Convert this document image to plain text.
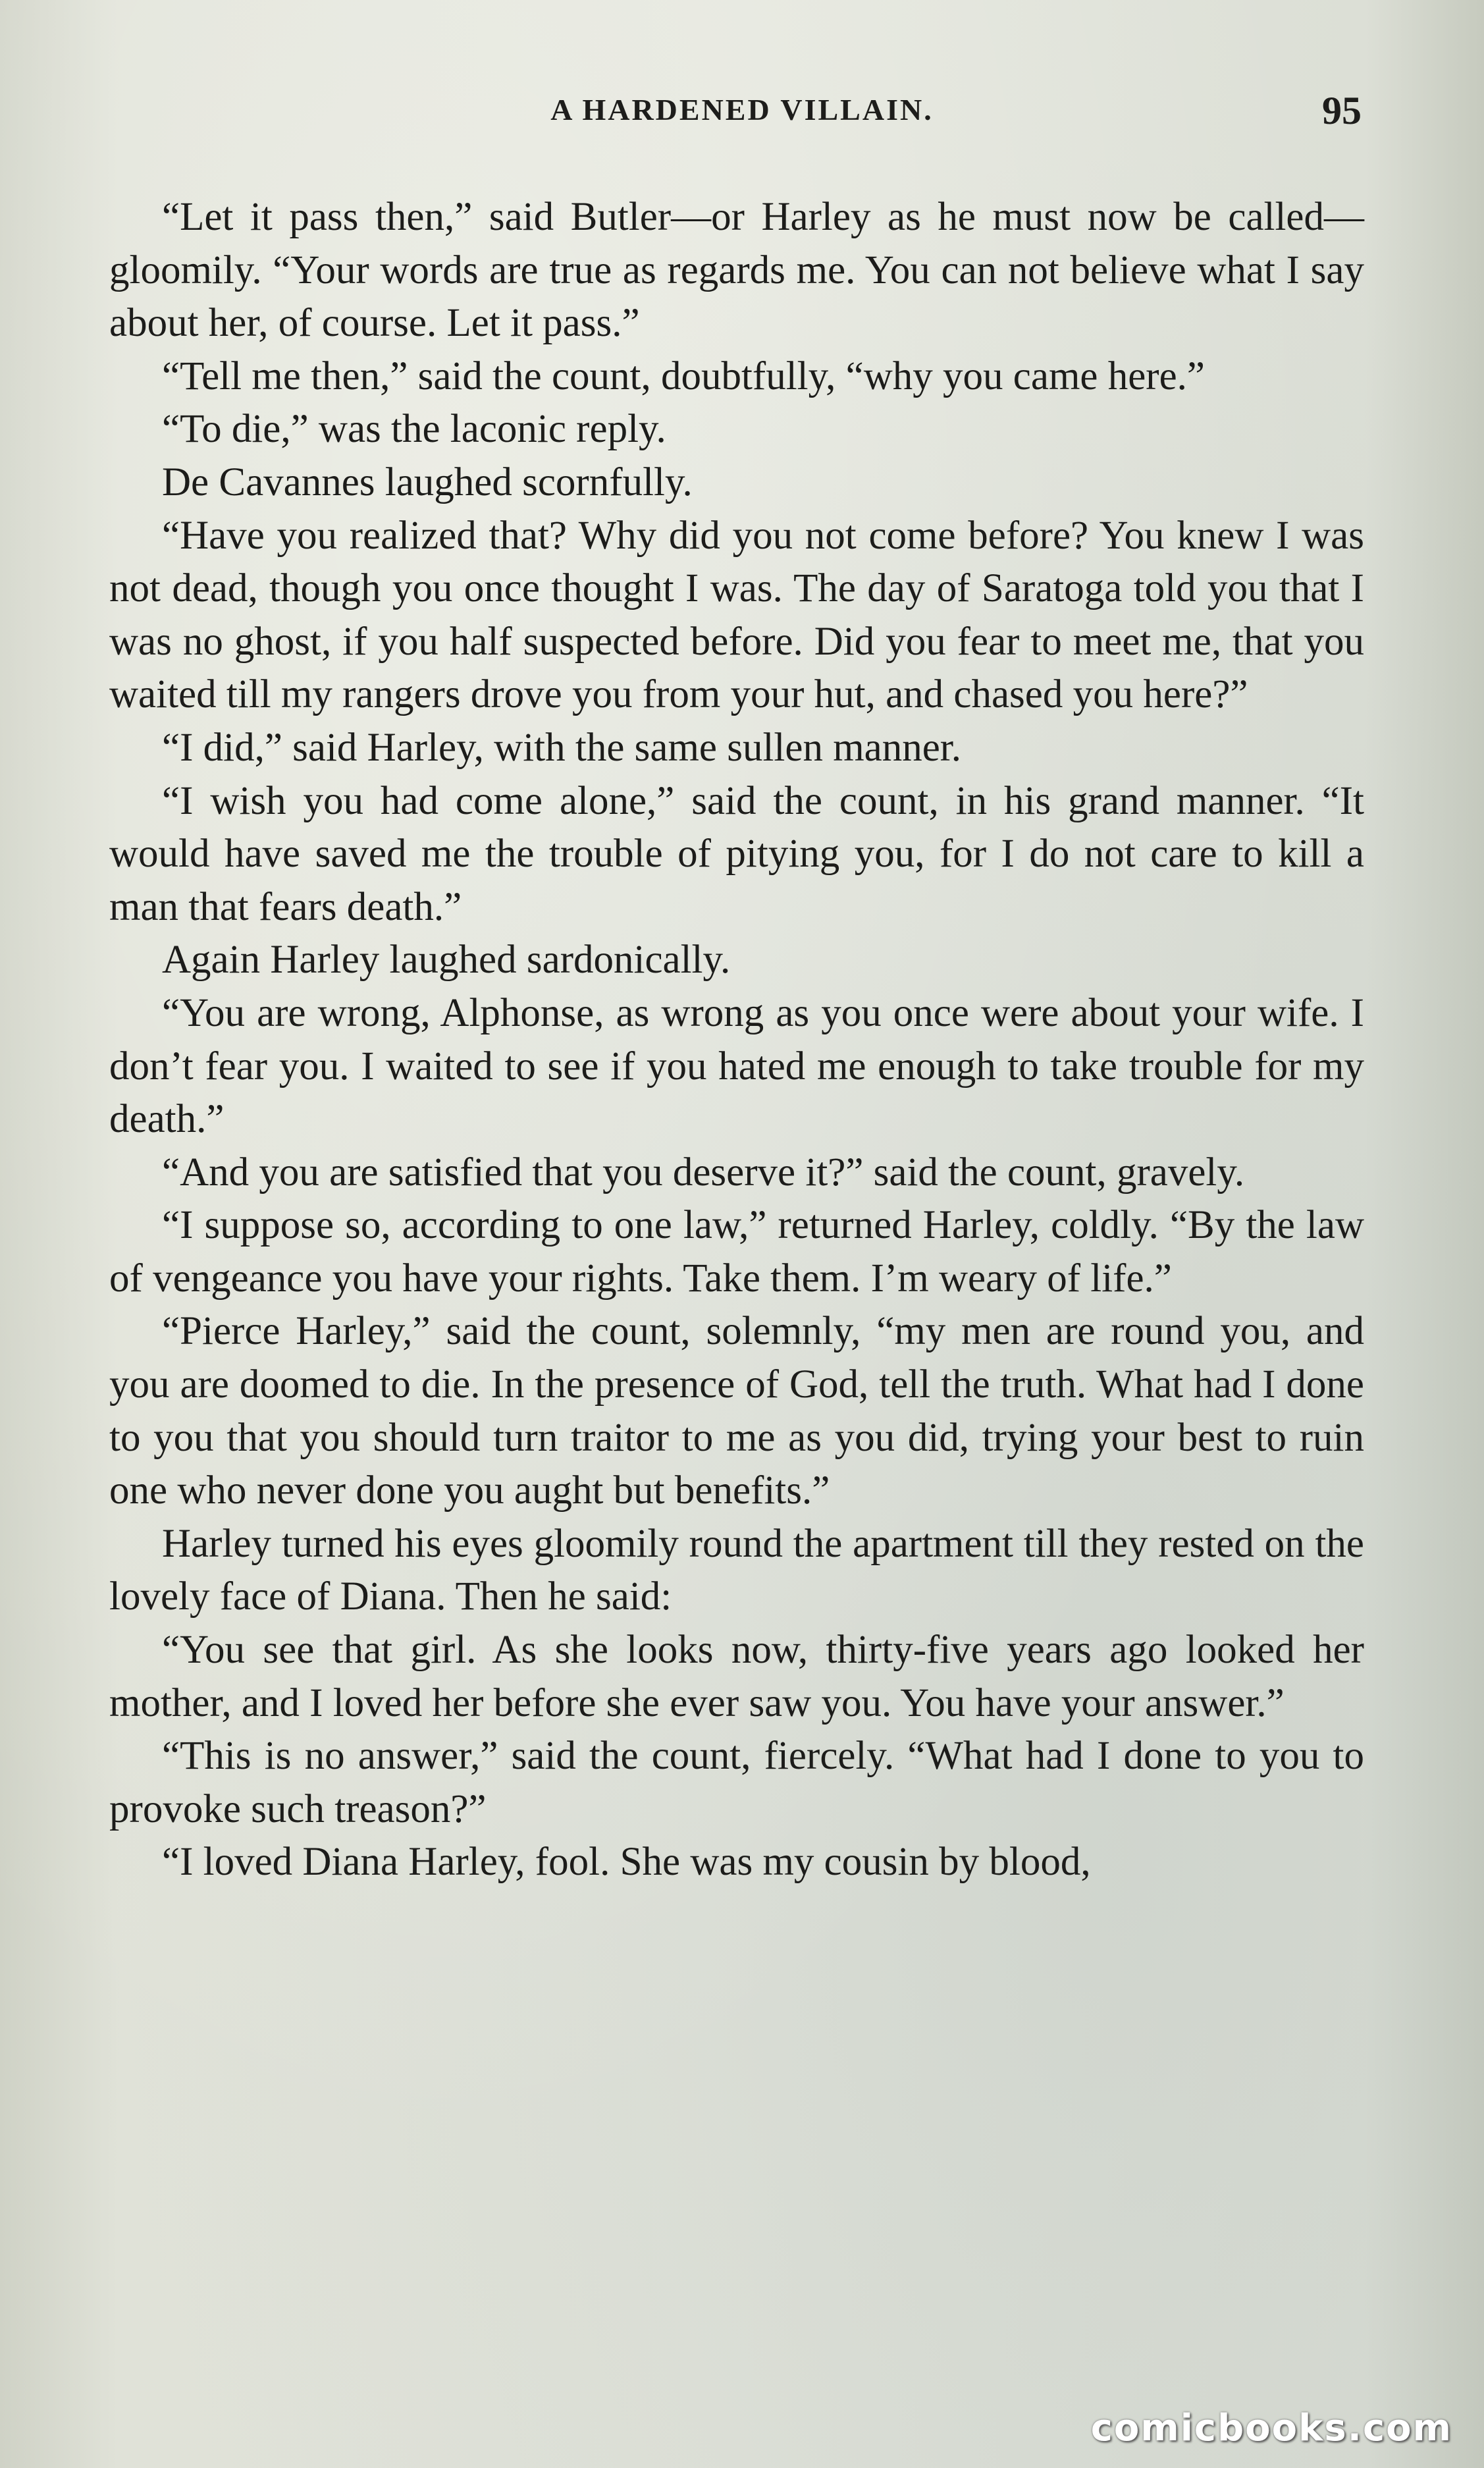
A HARDENED VILLAIN.	95

“Let it pass then,” said Butler—or Harley as he must now be called—gloomily. “Your words are true as regards me. You can not believe what I say about her, of course. Let it pass.”

“Tell me then,” said the count, doubtfully, “why you came here.”

“To die,” was the laconic reply.

De Cavannes laughed scornfully.

“Have you realized that? Why did you not come before? You knew I was not dead, though you once thought I was. The day of Saratoga told you that I was no ghost, if you half suspected before. Did you fear to meet me, that you waited till my rangers drove you from your hut, and chased you here?”

“I did,” said Harley, with the same sullen manner.

“I wish you had come alone,” said the count, in his grand manner. “It would have saved me the trouble of pitying you, for I do not care to kill a man that fears death.”

Again Harley laughed sardonically.

“You are wrong, Alphonse, as wrong as you once were about your wife. I don’t fear you. I waited to see if you hated me enough to take trouble for my death.”

“And you are satisfied that you deserve it?” said the count, gravely.

“I suppose so, according to one law,” returned Harley, coldly. “By the law of vengeance you have your rights. Take them. I’m weary of life.”

“Pierce Harley,” said the count, solemnly, “my men are round you, and you are doomed to die. In the presence of God, tell the truth. What had I done to you that you should turn traitor to me as you did, trying your best to ruin one who never done you aught but benefits.”

Harley turned his eyes gloomily round the apartment till they rested on the lovely face of Diana. Then he said:

“You see that girl. As she looks now, thirty-five years ago looked her mother, and I loved her before she ever saw you. You have your answer.”

“This is no answer,” said the count, fiercely. “What had I done to you to provoke such treason?”

“I loved Diana Harley, fool. She was my cousin by blood,

comicbooks.com
